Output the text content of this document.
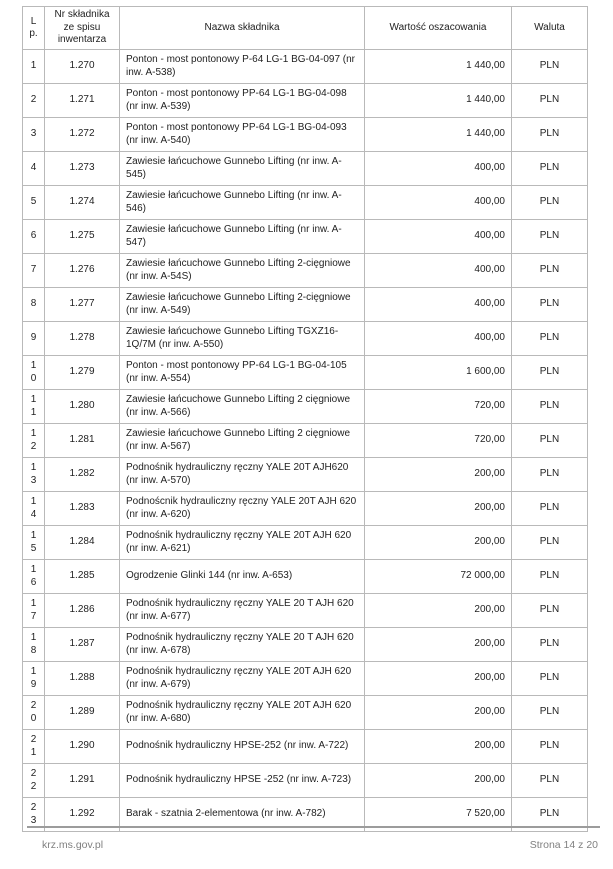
Lp.	Nr składnika ze spisu inwentarza	Nazwa składnika	Wartość oszacowania	Waluta
1	1.270	Ponton - most pontonowy P-64 LG-1 BG-04-097 (nr inw. A-538)	1 440,00	PLN
2	1.271	Ponton - most pontonowy PP-64 LG-1 BG-04-098 (nr inw. A-539)	1 440,00	PLN
3	1.272	Ponton - most pontonowy PP-64 LG-1 BG-04-093 (nr inw. A-540)	1 440,00	PLN
4	1.273	Zawiesie łańcuchowe Gunnebo Lifting (nr inw. A-545)	400,00	PLN
5	1.274	Zawiesie łańcuchowe Gunnebo Lifting (nr inw. A-546)	400,00	PLN
6	1.275	Zawiesie łańcuchowe Gunnebo Lifting (nr inw. A-547)	400,00	PLN
7	1.276	Zawiesie łańcuchowe Gunnebo Lifting 2-cięgniowe (nr inw. A-54S)	400,00	PLN
8	1.277	Zawiesie łańcuchowe Gunnebo Lifting 2-cięgniowe (nr inw. A-549)	400,00	PLN
9	1.278	Zawiesie łańcuchowe Gunnebo Lifting TGXZ16-1Q/7M (nr inw. A-550)	400,00	PLN
10	1.279	Ponton - most pontonowy PP-64 LG-1 BG-04-105 (nr inw. A-554)	1 600,00	PLN
11	1.280	Zawiesie łańcuchowe Gunnebo Lifting 2 cięgniowe (nr inw. A-566)	720,00	PLN
12	1.281	Zawiesie łańcuchowe Gunnebo Lifting 2 cięgniowe (nr inw. A-567)	720,00	PLN
13	1.282	Podnośnik hydrauliczny ręczny YALE 20T AJH620 (nr inw. A-570)	200,00	PLN
14	1.283	Podnoścnik hydrauliczny ręczny YALE 20T AJH 620 (nr inw. A-620)	200,00	PLN
15	1.284	Podnośnik hydrauliczny ręczny YALE 20T AJH 620 (nr inw. A-621)	200,00	PLN
16	1.285	Ogrodzenie Glinki 144 (nr inw. A-653)	72 000,00	PLN
17	1.286	Podnośnik hydrauliczny ręczny YALE 20 T AJH 620 (nr inw. A-677)	200,00	PLN
18	1.287	Podnośnik hydrauliczny ręczny YALE 20 T AJH 620 (nr inw. A-678)	200,00	PLN
19	1.288	Podnośnik hydrauliczny ręczny YALE 20T AJH 620 (nr inw. A-679)	200,00	PLN
20	1.289	Podnośnik hydrauliczny ręczny YALE 20T AJH 620 (nr inw. A-680)	200,00	PLN
21	1.290	Podnośnik hydrauliczny HPSE-252 (nr inw. A-722)	200,00	PLN
22	1.291	Podnośnik hydrauliczny HPSE -252 (nr inw. A-723)	200,00	PLN
23	1.292	Barak - szatnia 2-elementowa (nr inw. A-782)	7 520,00	PLN
krz.ms.gov.pl	Strona 14 z 20
